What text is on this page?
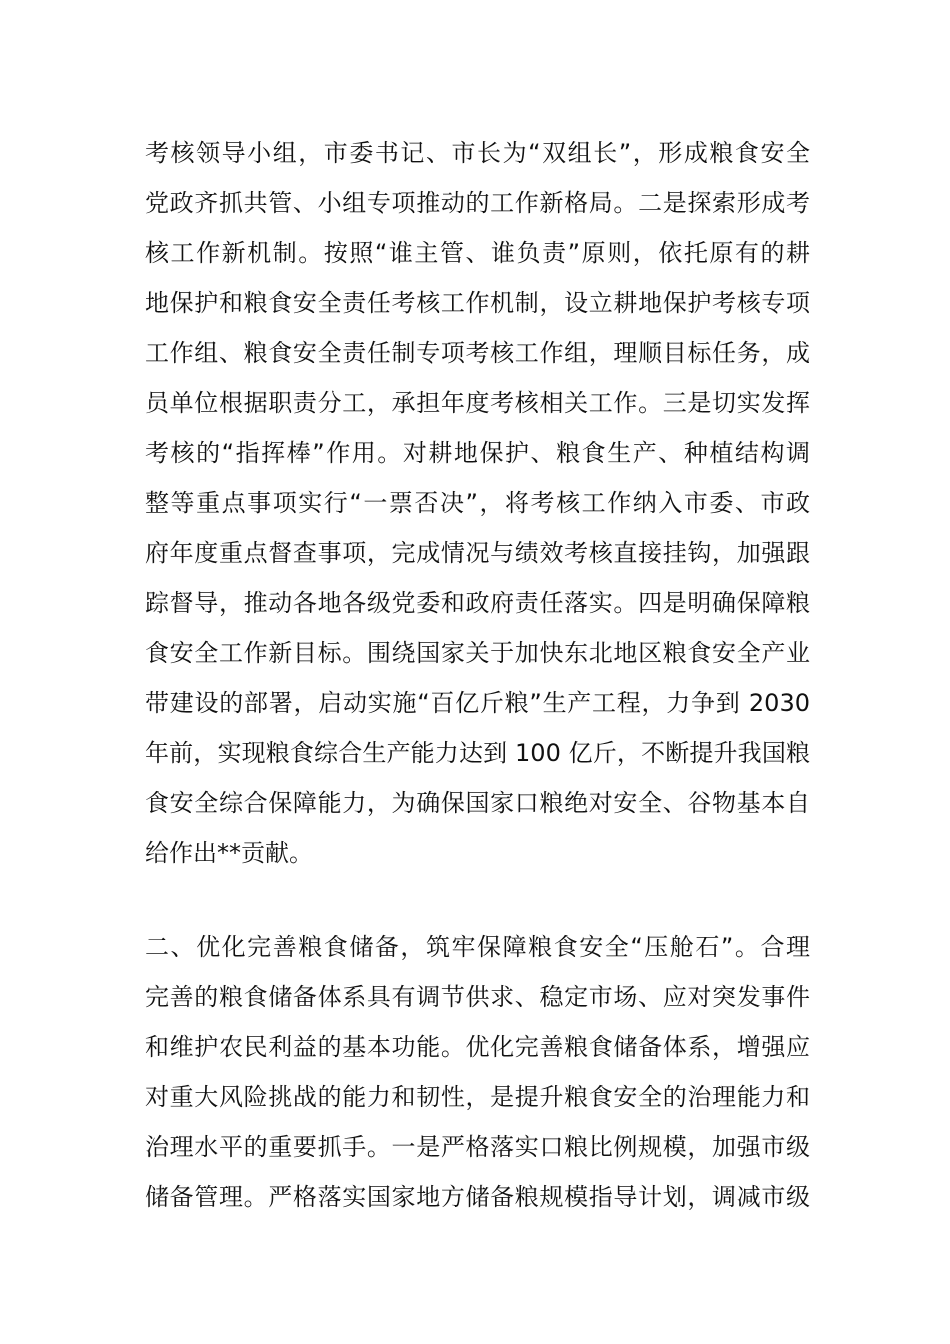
考核领导小组，市委书记、市长为“双组长”，形成粮食安全
党政齐抓共管、小组专项推动的工作新格局。二是探索形成考
核工作新机制。按照“谁主管、谁负责”原则，依托原有的耕
地保护和粮食安全责任考核工作机制，设立耕地保护考核专项
工作组、粮食安全责任制专项考核工作组，理顺目标任务，成
员单位根据职责分工，承担年度考核相关工作。三是切实发挥
考核的“指挥棒”作用。对耕地保护、粮食生产、种植结构调
整等重点事项实行“一票否决”，将考核工作纳入市委、市政
府年度重点督查事项，完成情况与绩效考核直接挂钩，加强跟
踪督导，推动各地各级党委和政府责任落实。四是明确保障粮
食安全工作新目标。围绕国家关于加快东北地区粮食安全产业
带建设的部署，启动实施“百亿斤粮”生产工程，力争到 2030
年前，实现粮食综合生产能力达到 100 亿斤，不断提升我国粮
食安全综合保障能力，为确保国家口粮绝对安全、谷物基本自
给作出**贡献。
二、优化完善粮食储备，筑牢保障粮食安全“压舱石”。合理
完善的粮食储备体系具有调节供求、稳定市场、应对突发事件
和维护农民利益的基本功能。优化完善粮食储备体系，增强应
对重大风险挑战的能力和韧性，是提升粮食安全的治理能力和
治理水平的重要抓手。一是严格落实口粮比例规模，加强市级
储备管理。严格落实国家地方储备粮规模指导计划，调减市级
